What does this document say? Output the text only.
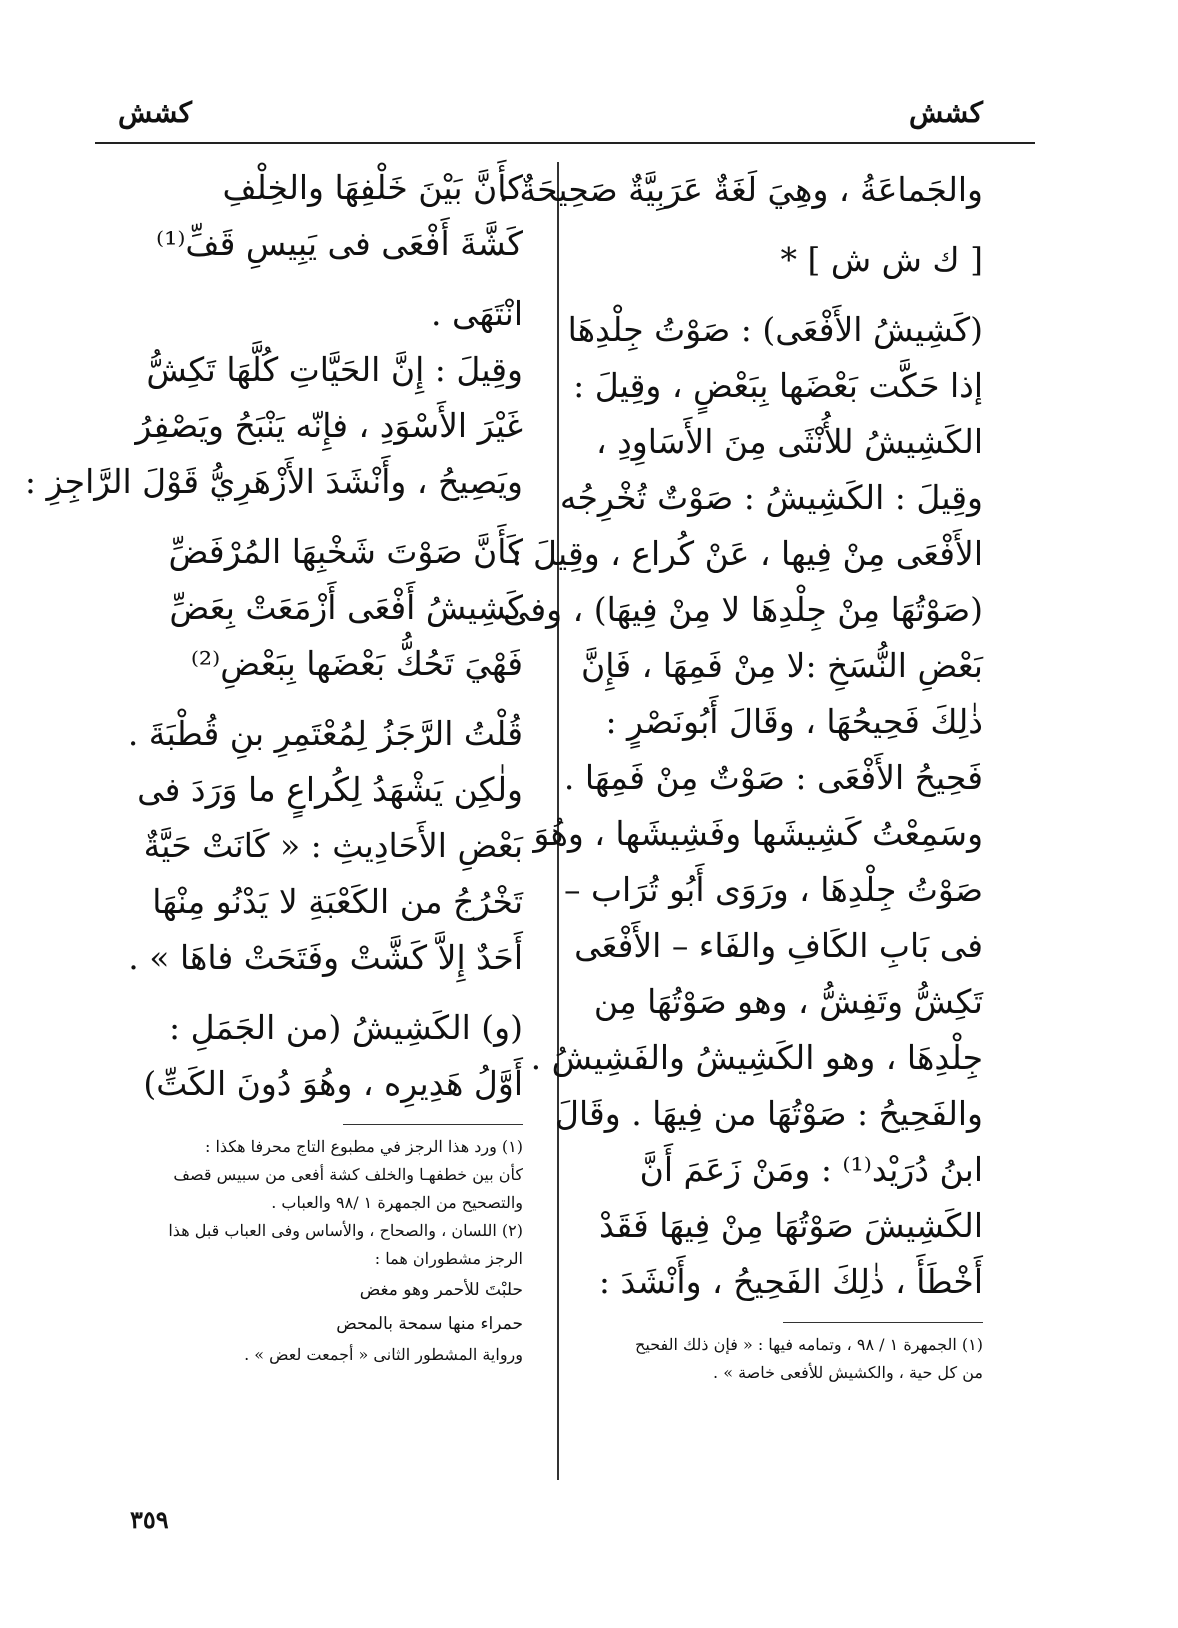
كشش
كشش
والجَماعَةُ ، وهِيَ لَغَةٌ عَرَبِيَّةٌ صَحِيحَةٌ .
[ ك ش ش ] *
(كَشِيشُ الأَفْعَى) : صَوْتُ جِلْدِهَا
إذا حَكَّت بَعْضَها بِبَعْضٍ ، وقِيلَ :
الكَشِيشُ للأُنْثَى مِنَ الأَسَاوِدِ ،
وقِيلَ : الكَشِيشُ : صَوْتٌ تُخْرِجُه
الأَفْعَى مِنْ فِيها ، عَنْ كُراع ، وقِيلَ :
(صَوْتُهَا مِنْ جِلْدِهَا لا مِنْ فِيهَا) ، وفى
بَعْضِ النُّسَخِ :لا مِنْ فَمِهَا ، فَإِنَّ
ذٰلِكَ فَحِيحُهَا ، وقَالَ أَبُونَصْرٍ :
فَحِيحُ الأَفْعَى : صَوْتٌ مِنْ فَمِهَا .
وسَمِعْتُ كَشِيشَها وفَشِيشَها ، وهُوَ
صَوْتُ جِلْدِهَا ، ورَوَى أَبُو تُرَاب –
فى بَابِ الكَافِ والفَاء – الأَفْعَى
تَكِشُّ وتَفِشُّ ، وهو صَوْتُهَا مِن
جِلْدِهَا ، وهو الكَشِيشُ والفَشِيشُ .
والفَحِيحُ : صَوْتُهَا من فِيهَا . وقَالَ
ابنُ دُرَيْد⁽¹⁾ : ومَنْ زَعَمَ أَنَّ
الكَشِيشَ صَوْتُهَا مِنْ فِيهَا فَقَدْ
أَخْطَأَ ، ذٰلِكَ الفَحِيحُ ، وأَنْشَدَ :
(١) الجمهرة ١ / ٩٨ ، وتمامه فيها : « فإن ذلك الفحيح
من كل حية ، والكشيش للأفعى خاصة » .
كأَنَّ بَيْنَ خَلْفِهَا والخِلْفِ
كَشَّةَ أَفْعَى فى يَبِيسِ قَفِّ⁽¹⁾
انْتَهَى .
وقِيلَ : إِنَّ الحَيَّاتِ كُلَّهَا تَكِشُّ
غَيْرَ الأَسْوَدِ ، فإِنّه يَنْبَحُ ويَصْفِرُ
ويَصِيحُ ، وأَنْشَدَ الأَزْهَرِيُّ قَوْلَ الرَّاجِزِ :
كَأَنَّ صَوْتَ شَخْبِهَا المُرْفَضِّ
كَشِيشُ أَفْعَى أَزْمَعَتْ بِعَضِّ
فَهْيَ تَحُكُّ بَعْضَها بِبَعْضِ⁽²⁾
قُلْتُ الرَّجَزُ لِمُعْتَمِرِ بنِ قُطْبَةَ .
ولٰكِن يَشْهَدُ لِكُراعٍ ما وَرَدَ فى
بَعْضِ الأَحَادِيثِ : « كَانَتْ حَيَّةٌ
تَخْرُجُ من الكَعْبَةِ لا يَدْنُو مِنْهَا
أَحَدٌ إِلاَّ كَشَّتْ وفَتَحَتْ فاهَا » .
(و) الكَشِيشُ (من الجَمَلِ :
أَوَّلُ هَدِيرِه ، وهُوَ دُونَ الكَتِّ)
(١) ورد هذا الرجز في مطبوع التاج محرفا هكذا :
كأن بين خطفهـا والخلف كشة أفعى من سبيس قصف
والتصحيح من الجمهرة ١ /٩٨ والعباب .
(٢) اللسان ، والصحاح ، والأساس وفى العباب قبل هذا
الرجز مشطوران هما :
حلبْتَ للأحمر وهو مغض
حمراء منها سمحة بالمحض
ورواية المشطور الثانى « أجمعت لعض » .
٣٥٩
